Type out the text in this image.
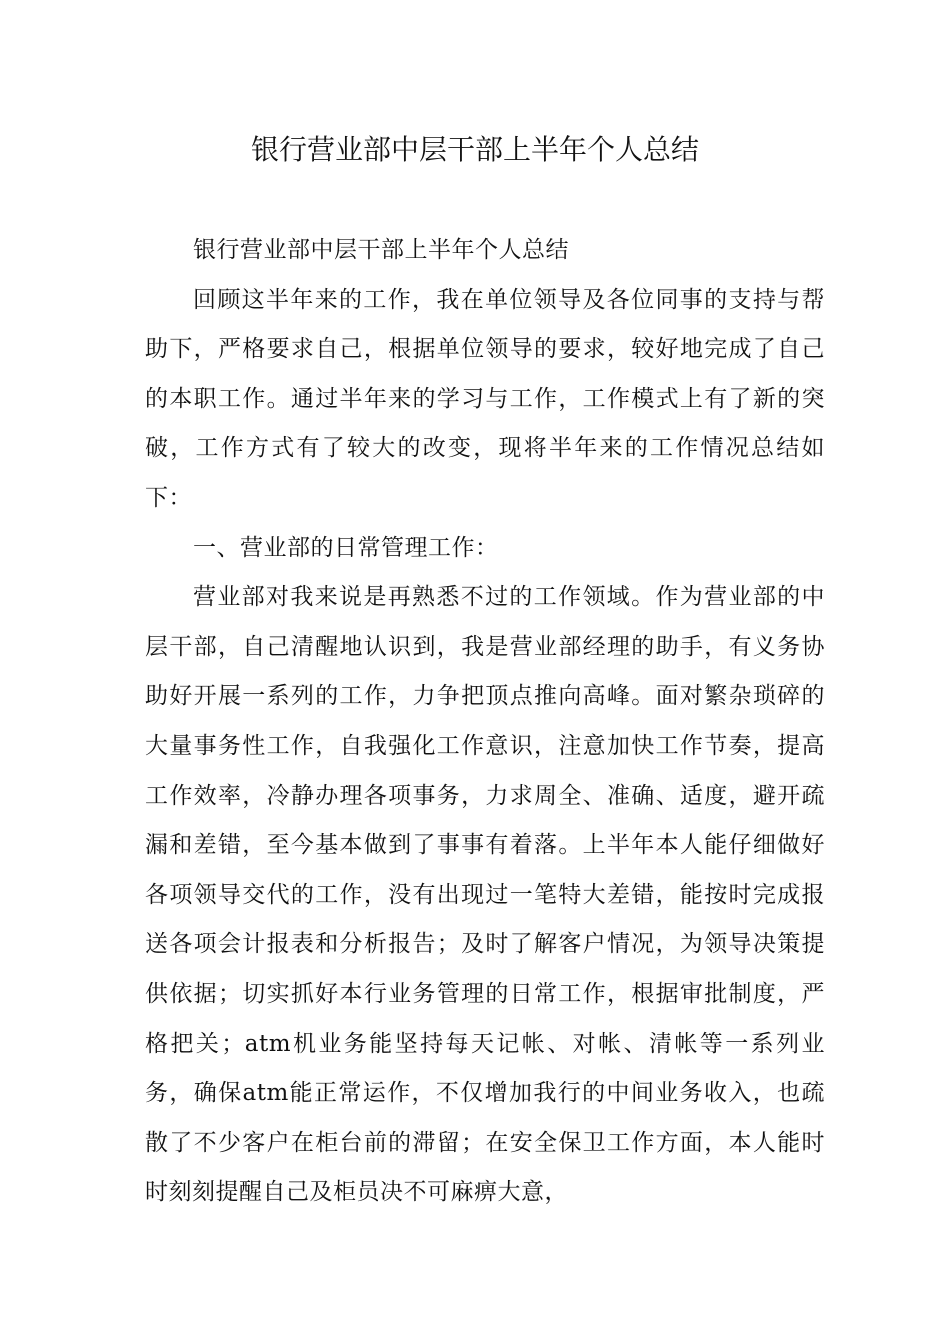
银行营业部中层干部上半年个人总结

银行营业部中层干部上半年个人总结

回顾这半年来的工作，我在单位领导及各位同事的支持与帮助下，严格要求自己，根据单位领导的要求，较好地完成了自己的本职工作。通过半年来的学习与工作，工作模式上有了新的突破，工作方式有了较大的改变，现将半年来的工作情况总结如下：

一、营业部的日常管理工作：

营业部对我来说是再熟悉不过的工作领域。作为营业部的中层干部，自己清醒地认识到，我是营业部经理的助手，有义务协助好开展一系列的工作，力争把顶点推向高峰。面对繁杂琐碎的大量事务性工作，自我强化工作意识，注意加快工作节奏，提高工作效率，冷静办理各项事务，力求周全、准确、适度，避开疏漏和差错，至今基本做到了事事有着落。上半年本人能仔细做好各项领导交代的工作，没有出现过一笔特大差错，能按时完成报送各项会计报表和分析报告；及时了解客户情况，为领导决策提供依据；切实抓好本行业务管理的日常工作，根据审批制度，严格把关；atm机业务能坚持每天记帐、对帐、清帐等一系列业务，确保atm能正常运作，不仅增加我行的中间业务收入，也疏散了不少客户在柜台前的滞留；在安全保卫工作方面，本人能时时刻刻提醒自己及柜员决不可麻痹大意，
